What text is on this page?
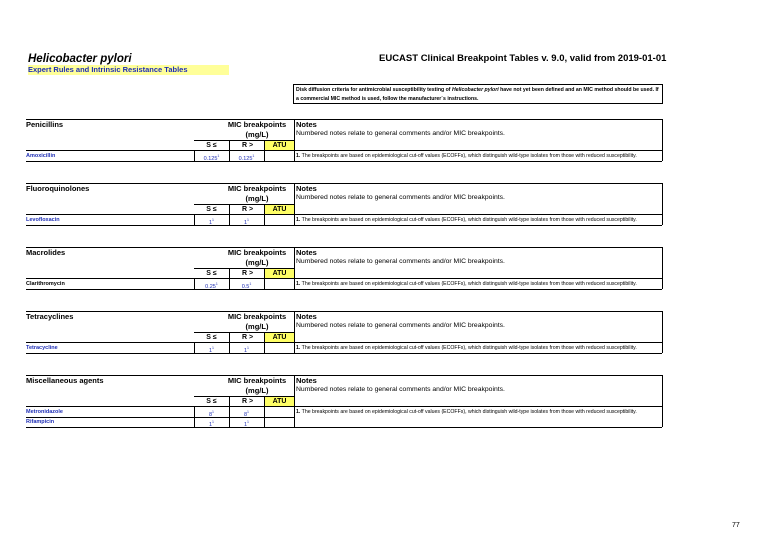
Helicobacter pylori
Expert Rules and Intrinsic Resistance Tables
EUCAST Clinical Breakpoint Tables v. 9.0, valid from 2019-01-01
Disk diffusion criteria for antimicrobial susceptibility testing of Helicobacter pylori have not yet been defined and an MIC method should be used. If a commercial MIC method is used, follow the manufacturer`s instructions.
Penicillins	MIC breakpoints
(mg/L)
Notes
Numbered notes relate to general comments and/or MIC breakpoints.
S ≤	R >	ATU
Amoxicillin	0.125$^1$	0.125$^1$	1. The breakpoints are based on epidemiological cut-off values (ECOFFs), which distinguish wild-type isolates from those with reduced susceptibility.
Fluoroquinolones	MIC breakpoints
(mg/L)
Notes
Numbered notes relate to general comments and/or MIC breakpoints.
S ≤	R >	ATU
Levofloxacin	$1^1$	$1^1$	1. The breakpoints are based on epidemiological cut-off values (ECOFFs), which distinguish wild-type isolates from those with reduced susceptibility.
Macrolides	MIC breakpoints
(mg/L)
Notes
Numbered notes relate to general comments and/or MIC breakpoints.
S ≤	R >	ATU
Clarithromycin	0.25$^1$	$0.5^1$	1. The breakpoints are based on epidemiological cut-off values (ECOFFs), which distinguish wild-type isolates from those with reduced susceptibility.
Tetracyclines	MIC breakpoints
(mg/L)
Notes
Numbered notes relate to general comments and/or MIC breakpoints.
S ≤	R >	ATU
Tetracycline	$1^1$	$1^1$	1. The breakpoints are based on epidemiological cut-off values (ECOFFs), which distinguish wild-type isolates from those with reduced susceptibility.
Miscellaneous agents	MIC breakpoints
(mg/L)
Notes
Numbered notes relate to general comments and/or MIC breakpoints.
S ≤	R >	ATU
Metronidazole	$8^1$	$8^1$
Rifampicin	$1^1$	$1^1$
1. The breakpoints are based on epidemiological cut-off values (ECOFFs), which distinguish wild-type isolates from those with reduced susceptibility.
77
